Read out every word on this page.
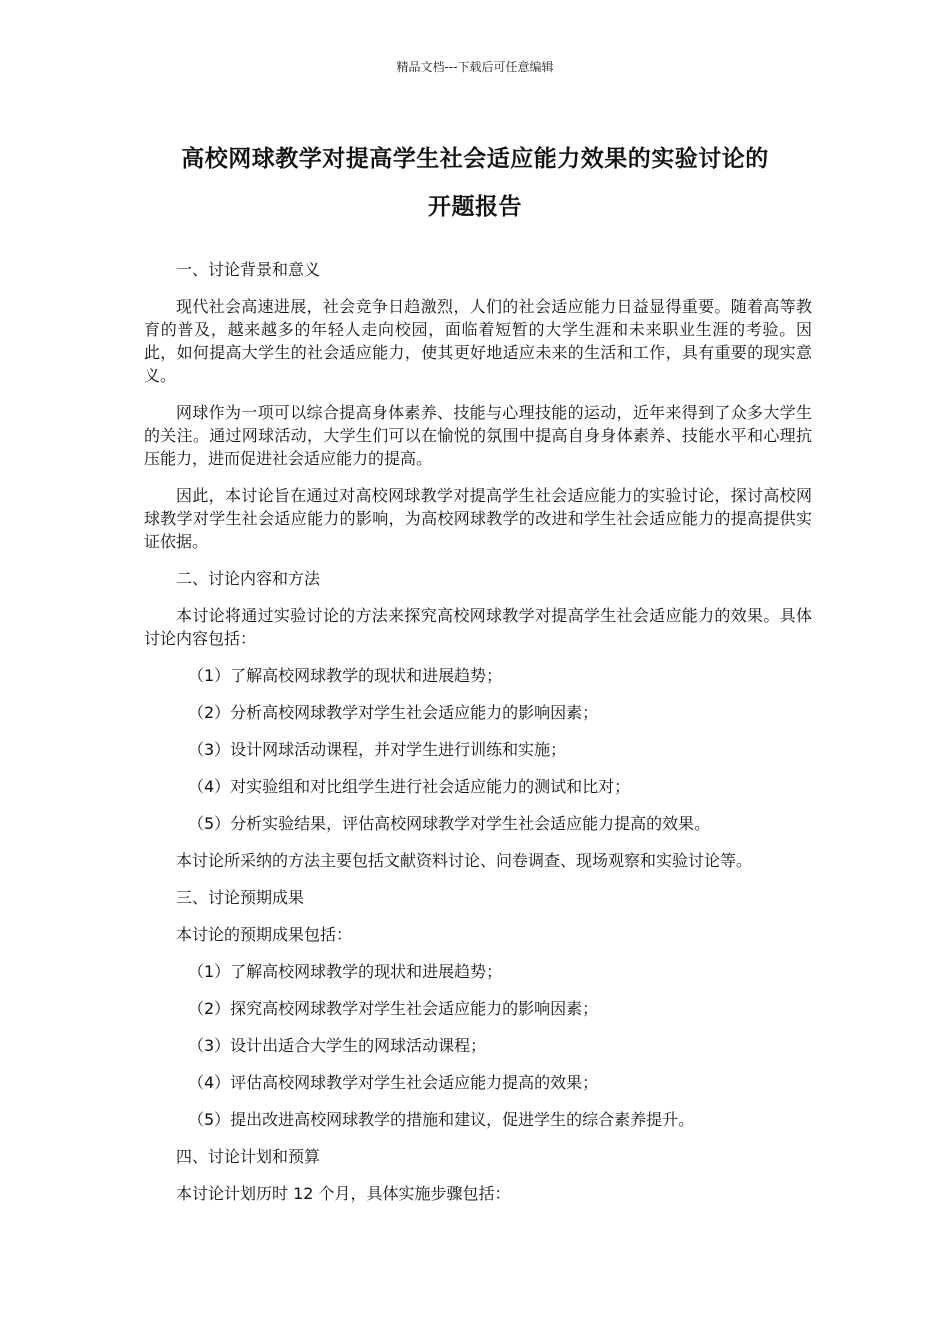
精品文档---下载后可任意编辑
高校网球教学对提高学生社会适应能力效果的实验讨论的
开题报告

一、讨论背景和意义

现代社会高速进展，社会竞争日趋激烈，人们的社会适应能力日益显得重要。随着高等教育的普及，越来越多的年轻人走向校园，面临着短暂的大学生涯和未来职业生涯的考验。因此，如何提高大学生的社会适应能力，使其更好地适应未来的生活和工作，具有重要的现实意义。

网球作为一项可以综合提高身体素养、技能与心理技能的运动，近年来得到了众多大学生的关注。通过网球活动，大学生们可以在愉悦的氛围中提高自身身体素养、技能水平和心理抗压能力，进而促进社会适应能力的提高。

因此，本讨论旨在通过对高校网球教学对提高学生社会适应能力的实验讨论，探讨高校网球教学对学生社会适应能力的影响，为高校网球教学的改进和学生社会适应能力的提高提供实证依据。

二、讨论内容和方法

本讨论将通过实验讨论的方法来探究高校网球教学对提高学生社会适应能力的效果。具体讨论内容包括：

（1）了解高校网球教学的现状和进展趋势；

（2）分析高校网球教学对学生社会适应能力的影响因素；

（3）设计网球活动课程，并对学生进行训练和实施；

（4）对实验组和对比组学生进行社会适应能力的测试和比对；

（5）分析实验结果，评估高校网球教学对学生社会适应能力提高的效果。

本讨论所采纳的方法主要包括文献资料讨论、问卷调查、现场观察和实验讨论等。

三、讨论预期成果

本讨论的预期成果包括：

（1）了解高校网球教学的现状和进展趋势；

（2）探究高校网球教学对学生社会适应能力的影响因素；

（3）设计出适合大学生的网球活动课程；

（4）评估高校网球教学对学生社会适应能力提高的效果；

（5）提出改进高校网球教学的措施和建议，促进学生的综合素养提升。

四、讨论计划和预算

本讨论计划历时 12 个月，具体实施步骤包括：
